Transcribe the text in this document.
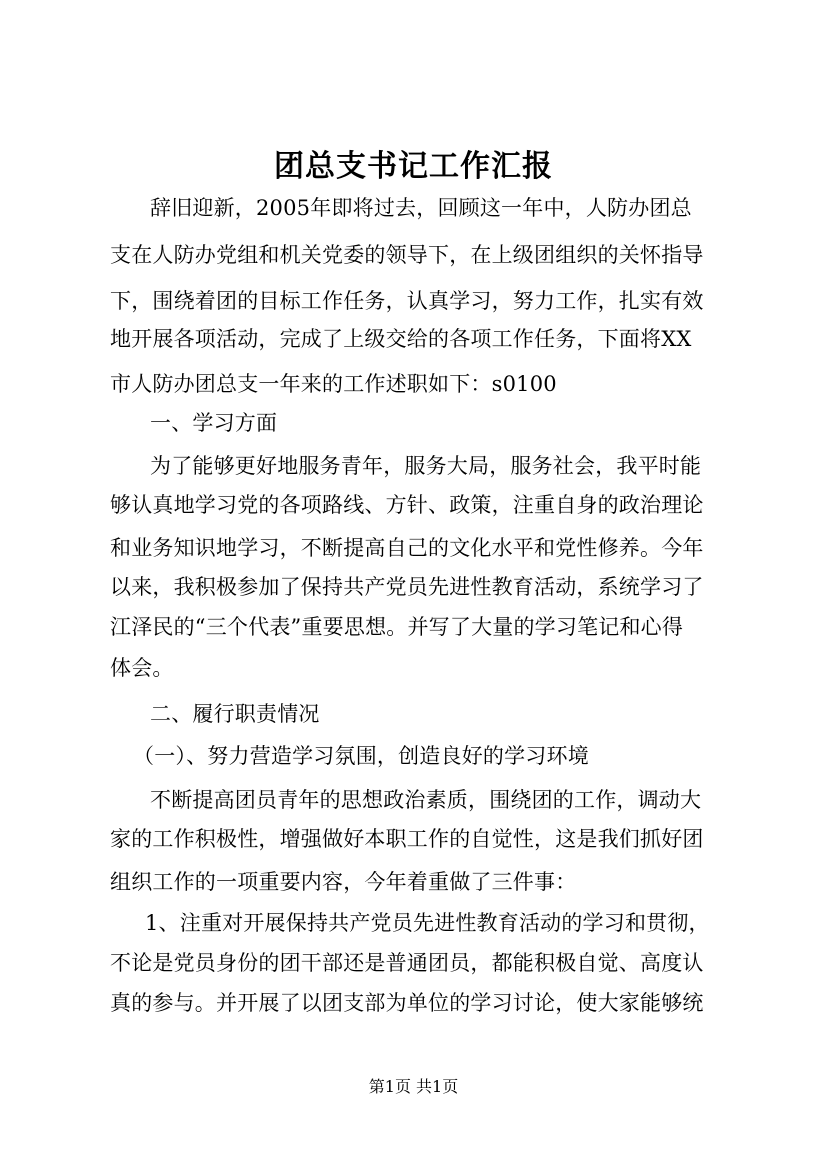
团总支书记工作汇报
辞旧迎新，2005年即将过去，回顾这一年中，人防办团总
支在人防办党组和机关党委的领导下，在上级团组织的关怀指导
下，围绕着团的目标工作任务，认真学习，努力工作，扎实有效
地开展各项活动，完成了上级交给的各项工作任务，下面将XX
市人防办团总支一年来的工作述职如下：s0100
一、学习方面
为了能够更好地服务青年，服务大局，服务社会，我平时能
够认真地学习党的各项路线、方针、政策，注重自身的政治理论
和业务知识地学习，不断提高自己的文化水平和党性修养。今年
以来，我积极参加了保持共产党员先进性教育活动，系统学习了
江泽民的“三个代表”重要思想。并写了大量的学习笔记和心得
体会。
二、履行职责情况
（一）、努力营造学习氛围，创造良好的学习环境
不断提高团员青年的思想政治素质，围绕团的工作，调动大
家的工作积极性，增强做好本职工作的自觉性，这是我们抓好团
组织工作的一项重要内容，今年着重做了三件事：
1、注重对开展保持共产党员先进性教育活动的学习和贯彻，
不论是党员身份的团干部还是普通团员，都能积极自觉、高度认
真的参与。并开展了以团支部为单位的学习讨论，使大家能够统
第1页 共1页
